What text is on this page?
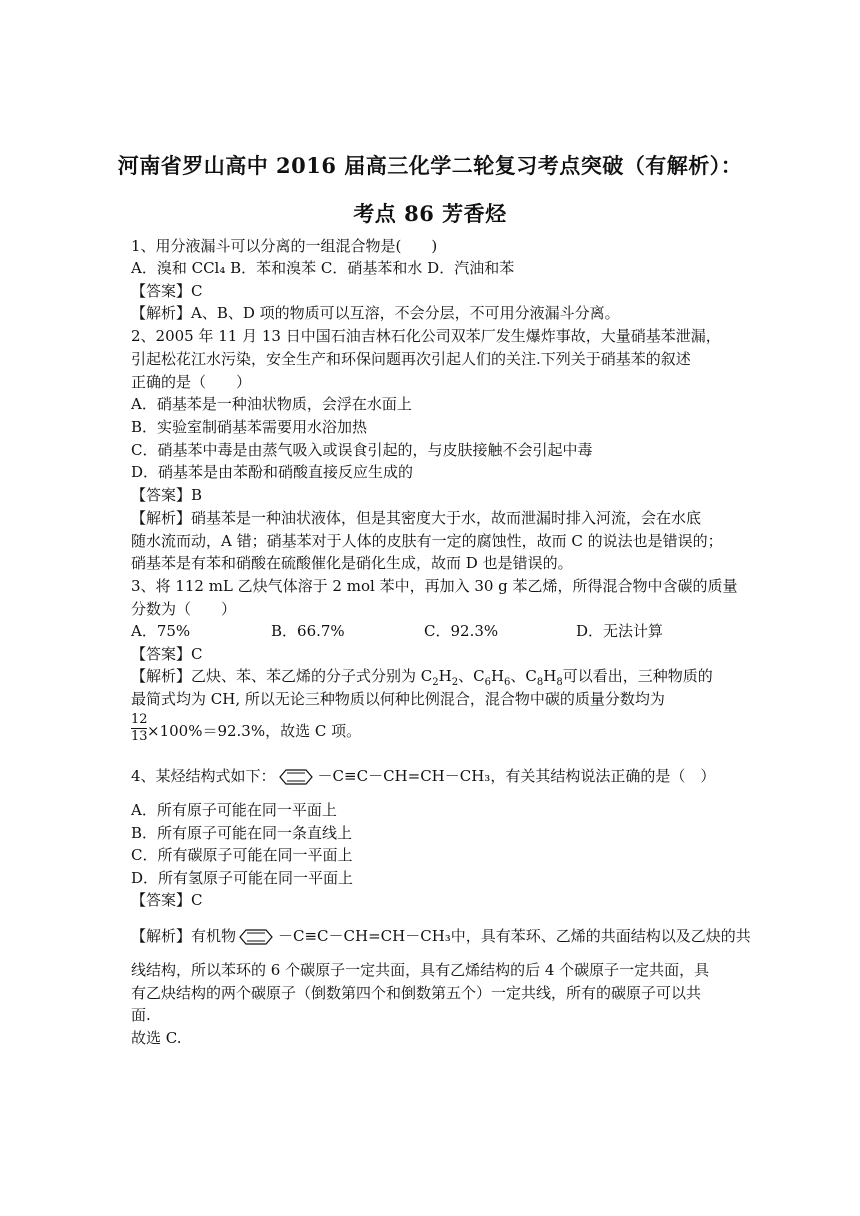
河南省罗山高中 2016 届高三化学二轮复习考点突破（有解析）：
考点 86 芳香烃
1、用分液漏斗可以分离的一组混合物是(　　)
A．溴和 CCl₄ B．苯和溴苯 C．硝基苯和水 D．汽油和苯
【答案】C
【解析】A、B、D 项的物质可以互溶，不会分层，不可用分液漏斗分离。
2、2005 年 11 月 13 日中国石油吉林石化公司双苯厂发生爆炸事故，大量硝基苯泄漏，
引起松花江水污染，安全生产和环保问题再次引起人们的关注.下列关于硝基苯的叙述
正确的是（　　）
A．硝基苯是一种油状物质，会浮在水面上
B．实验室制硝基苯需要用水浴加热
C．硝基苯中毒是由蒸气吸入或误食引起的，与皮肤接触不会引起中毒
D．硝基苯是由苯酚和硝酸直接反应生成的
【答案】B
【解析】硝基苯是一种油状液体，但是其密度大于水，故而泄漏时排入河流，会在水底
随水流而动，A 错；硝基苯对于人体的皮肤有一定的腐蚀性，故而 C 的说法也是错误的；
硝基苯是有苯和硝酸在硫酸催化是硝化生成，故而 D 也是错误的。
3、将 112 mL 乙炔气体溶于 2 mol 苯中，再加入 30 g 苯乙烯，所得混合物中含碳的质量
分数为（　　）
A．75%	B．66.7%	C．92.3%	D．无法计算
【答案】C
【解析】乙炔、苯、苯乙烯的分子式分别为 $C_2H_2$、$C_6H_6$、$C_8H_8$可以看出，三种物质的
最简式均为 CH, 所以无论三种物质以何种比例混合，混合物中碳的质量分数均为
$\frac{12}{13} \times 100\%=92.3\%$，故选 C 项。
4、某烃结构式如下：	－C≡C－CH=CH－CH₃，有关其结构说法正确的是（　）
A．所有原子可能在同一平面上
B．所有原子可能在同一条直线上
C．所有碳原子可能在同一平面上
D．所有氢原子可能在同一平面上
【答案】C
【解析】有机物	－C≡C－CH=CH－CH₃中，具有苯环、乙烯的共面结构以及乙炔的共
线结构，所以苯环的 6 个碳原子一定共面，具有乙烯结构的后 4 个碳原子一定共面，具
有乙炔结构的两个碳原子（倒数第四个和倒数第五个）一定共线，所有的碳原子可以共
面.
故选 C.
